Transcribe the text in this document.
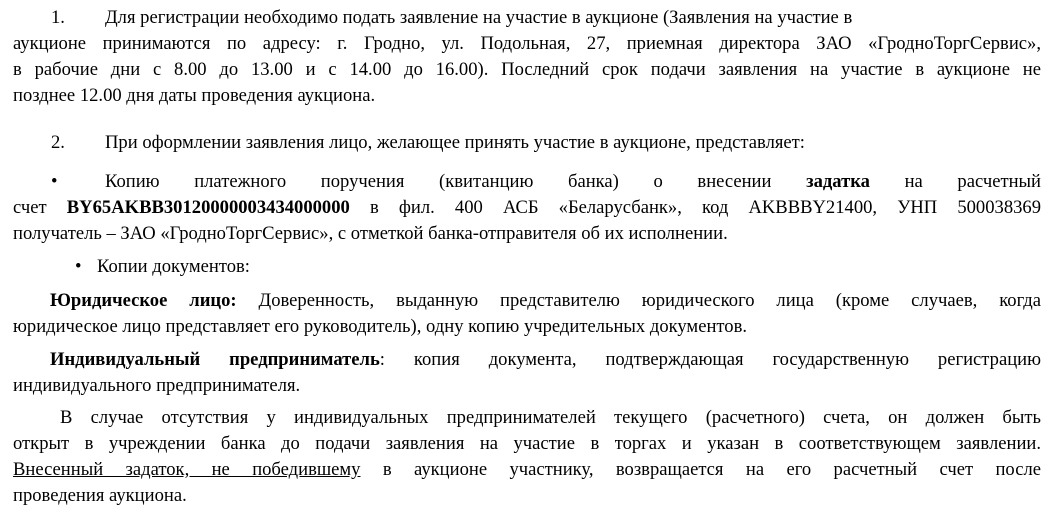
1. Для регистрации необходимо подать заявление на участие в аукционе (Заявления на участие в
аукционе принимаются по адресу: г. Гродно, ул. Подольная, 27, приемная директора ЗАО «ГродноТоргСервис»,
в рабочие дни с 8.00 до 13.00 и с 14.00 до 16.00). Последний срок подачи заявления на участие в аукционе не
позднее 12.00 дня даты проведения аукциона.
2. При оформлении заявления лицо, желающее принять участие в аукционе, представляет:
•	Копию платежного поручения (квитанцию банка) о внесении задатка на расчетный
счет BY65AKBB30120000003434000000 в фил. 400 АСБ «Беларусбанк», код AKBBBY21400, УНП 500038369
получатель – ЗАО «ГродноТоргСервис», с отметкой банка-отправителя об их исполнении.
• Копии документов:
Юридическое лицо: Доверенность, выданную представителю юридического лица (кроме случаев, когда
юридическое лицо представляет его руководитель), одну копию учредительных документов.
Индивидуальный предприниматель: копия документа, подтверждающая государственную регистрацию
индивидуального предпринимателя.
В случае отсутствия у индивидуальных предпринимателей текущего (расчетного) счета, он должен быть
открыт в учреждении банка до подачи заявления на участие в торгах и указан в соответствующем заявлении.
Внесенный задаток, не победившему в аукционе участнику, возвращается на его расчетный счет после
проведения аукциона.
